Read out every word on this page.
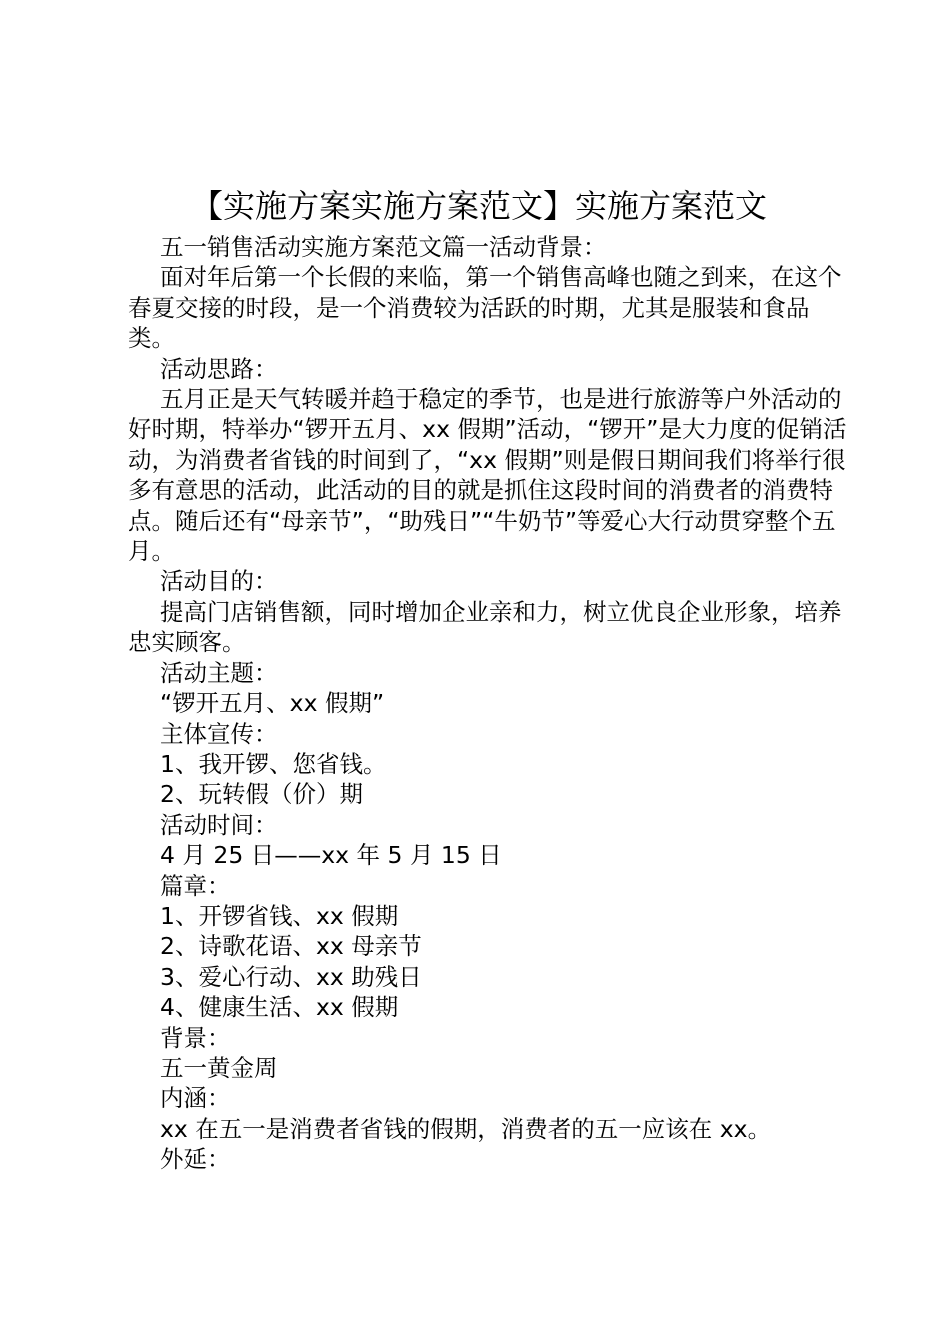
【实施方案实施方案范文】实施方案范文

五一销售活动实施方案范文篇一活动背景：

面对年后第一个长假的来临，第一个销售高峰也随之到来，在这个春夏交接的时段，是一个消费较为活跃的时期，尤其是服装和食品类。

活动思路：

五月正是天气转暖并趋于稳定的季节，也是进行旅游等户外活动的好时期，特举办“锣开五月、xx 假期”活动，“锣开”是大力度的促销活动，为消费者省钱的时间到了，“xx 假期”则是假日期间我们将举行很多有意思的活动，此活动的目的就是抓住这段时间的消费者的消费特点。随后还有“母亲节”，“助残日”“牛奶节”等爱心大行动贯穿整个五月。

活动目的：

提高门店销售额，同时增加企业亲和力，树立优良企业形象，培养忠实顾客。

活动主题：

“锣开五月、xx 假期”

主体宣传：

1、我开锣、您省钱。

2、玩转假（价）期

活动时间：

4 月 25 日——xx 年 5 月 15 日

篇章：

1、开锣省钱、xx 假期

2、诗歌花语、xx 母亲节

3、爱心行动、xx 助残日

4、健康生活、xx 假期

背景：

五一黄金周

内涵：

xx 在五一是消费者省钱的假期，消费者的五一应该在 xx。

外延：
